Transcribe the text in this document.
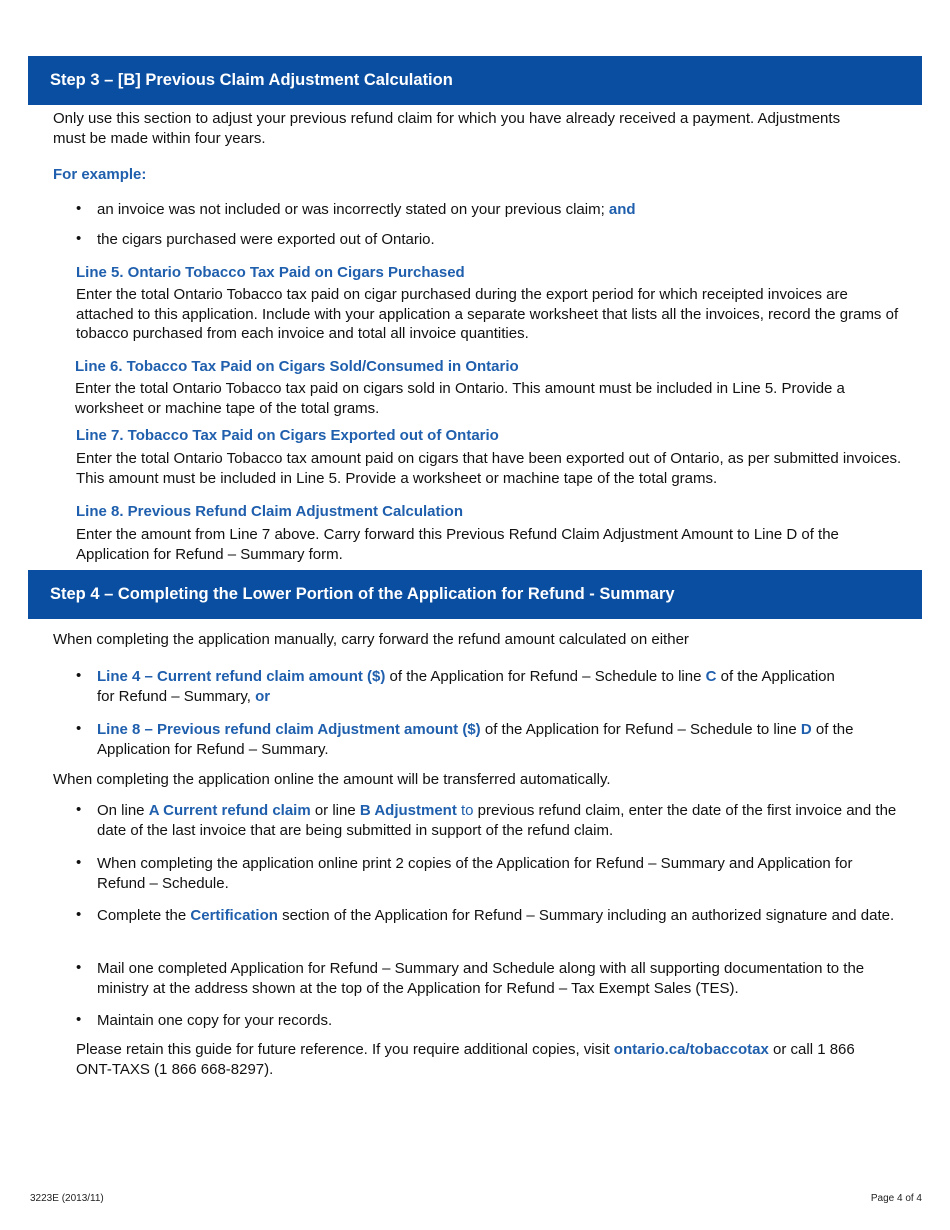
Step 3 – [B] Previous Claim Adjustment Calculation

Only use this section to adjust your previous refund claim for which you have already received a payment. Adjustments must be made within four years.

For example:

• an invoice was not included or was incorrectly stated on your previous claim; and
• the cigars purchased were exported out of Ontario.

Line 5. Ontario Tobacco Tax Paid on Cigars Purchased

Enter the total Ontario Tobacco tax paid on cigar purchased during the export period for which receipted invoices are attached to this application. Include with your application a separate worksheet that lists all the invoices, record the grams of tobacco purchased from each invoice and total all invoice quantities.

Line 6. Tobacco Tax Paid on Cigars Sold/Consumed in Ontario

Enter the total Ontario Tobacco tax paid on cigars sold in Ontario. This amount must be included in Line 5. Provide a worksheet or machine tape of the total grams.

Line 7. Tobacco Tax Paid on Cigars Exported out of Ontario

Enter the total Ontario Tobacco tax amount paid on cigars that have been exported out of Ontario, as per submitted invoices. This amount must be included in Line 5. Provide a worksheet or machine tape of the total grams.

Line 8. Previous Refund Claim Adjustment Calculation

Enter the amount from Line 7 above. Carry forward this Previous Refund Claim Adjustment Amount to Line D of the Application for Refund – Summary form.

Step 4 – Completing the Lower Portion of the Application for Refund - Summary

When completing the application manually, carry forward the refund amount calculated on either

• Line 4 – Current refund claim amount ($) of the Application for Refund – Schedule to line C of the Application for Refund – Summary, or
• Line 8 – Previous refund claim Adjustment amount ($) of the Application for Refund – Schedule to line D of the Application for Refund – Summary.

When completing the application online the amount will be transferred automatically.

• On line A Current refund claim or line B Adjustment to previous refund claim, enter the date of the first invoice and the date of the last invoice that are being submitted in support of the refund claim.
• When completing the application online print 2 copies of the Application for Refund – Summary and Application for Refund – Schedule.
• Complete the Certification section of the Application for Refund – Summary including an authorized signature and date.
• Mail one completed Application for Refund – Summary and Schedule along with all supporting documentation to the ministry at the address shown at the top of the Application for Refund – Tax Exempt Sales (TES).
• Maintain one copy for your records.
Please retain this guide for future reference. If you require additional copies, visit ontario.ca/tobaccotax or call 1 866 ONT-TAXS (1 866 668-8297).
3223E (2013/11)	Page 4 of 4
